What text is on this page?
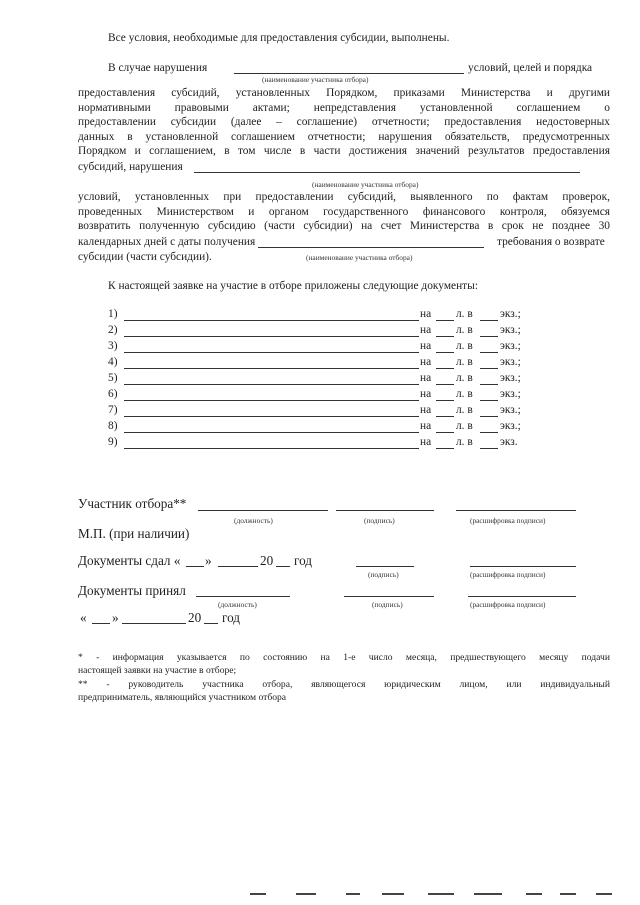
Все условия, необходимые для предоставления субсидии, выполнены.
В случае нарушения	условий, целей и порядка
(наименование участника отбора)
предоставления субсидий, установленных Порядком, приказами Министерства и другими
нормативными правовыми актами; непредставления установленной соглашением о
предоставлении субсидии (далее – соглашение) отчетности; предоставления недостоверных
данных в установленной соглашением отчетности; нарушения обязательств, предусмотренных
Порядком и соглашением, в том числе в части достижения значений результатов предоставления
субсидий, нарушения
(наименование участника отбора)
условий, установленных при предоставлении субсидий, выявленного по фактам проверок,
проведенных Министерством и органом государственного финансового контроля, обязуемся
возвратить полученную субсидию (части субсидии) на счет Министерства в срок не позднее 30
календарных дней с даты получения	требования о возврате
субсидии (части субсидии).	(наименование участника отбора)
К настоящей заявке на участие в отборе приложены следующие документы:
1)	на л. в экз.;
2)	на л. в экз.;
3)	на л. в экз.;
4)	на л. в экз.;
5)	на л. в экз.;
6)	на л. в экз.;
7)	на л. в экз.;
8)	на л. в экз.;
9)	на л. в экз.
Участник отбора**
(должность)	(подпись)	(расшифровка подписи)
М.П. (при наличии)
Документы сдал « »	20 год
(подпись)	(расшифровка подписи)
Документы принял
(должность)	(подпись)	(расшифровка подписи)
« »	20 год
* - информация указывается по состоянию на 1-е число месяца, предшествующего месяцу подачи
настоящей заявки на участие в отборе;
** - руководитель участника отбора, являющегося юридическим лицом, или индивидуальный
предприниматель, являющийся участником отбора
